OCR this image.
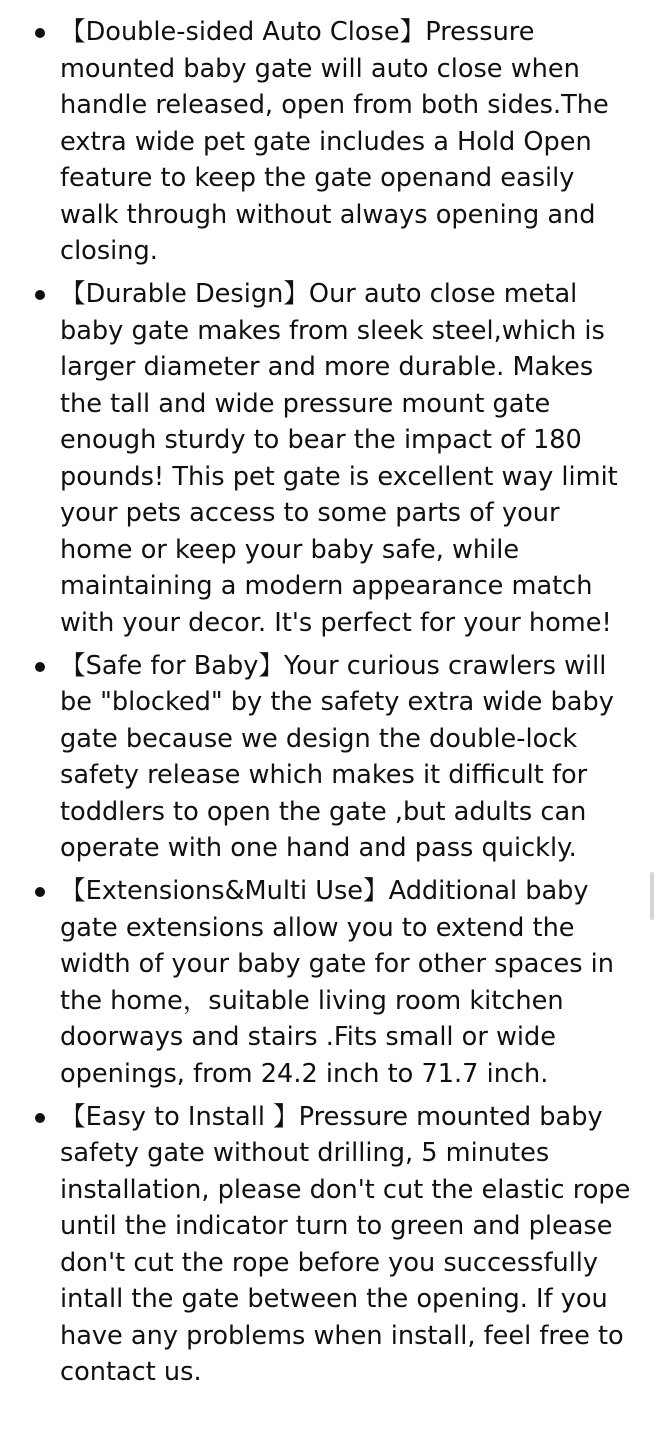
【Double-sided Auto Close】Pressure mounted baby gate will auto close when handle released, open from both sides.The extra wide pet gate includes a Hold Open feature to keep the gate openand easily walk through without always opening and closing.
【Durable Design】Our auto close metal baby gate makes from sleek steel,which is larger diameter and more durable. Makes the tall and wide pressure mount gate enough sturdy to bear the impact of 180 pounds! This pet gate is excellent way limit your pets access to some parts of your home or keep your baby safe, while maintaining a modern appearance match with your decor. It's perfect for your home!
【Safe for Baby】Your curious crawlers will be "blocked" by the safety extra wide baby gate because we design the double-lock safety release which makes it difficult for toddlers to open the gate ,but adults can operate with one hand and pass quickly.
【Extensions&Multi Use】Additional baby gate extensions allow you to extend the width of your baby gate for other spaces in the home，suitable living room kitchen doorways and stairs .Fits small or wide openings, from 24.2 inch to 71.7 inch.
【Easy to Install 】Pressure mounted baby safety gate without drilling, 5 minutes installation, please don't cut the elastic rope until the indicator turn to green and please don't cut the rope before you successfully intall the gate between the opening. If you have any problems when install, feel free to contact us.
